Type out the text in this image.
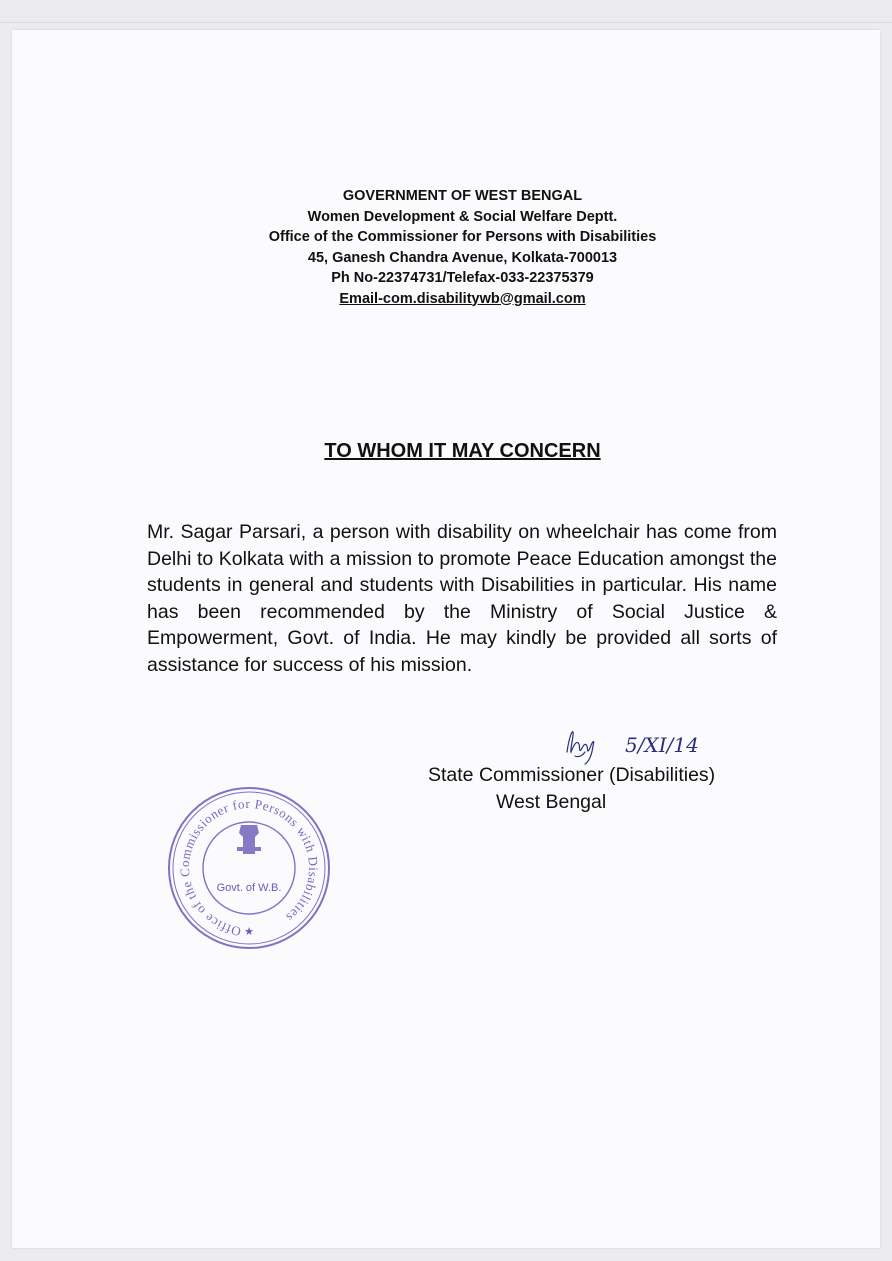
GOVERNMENT OF WEST BENGAL
Women Development & Social Welfare Deptt.
Office of the Commissioner for Persons with Disabilities
45, Ganesh Chandra Avenue, Kolkata-700013
Ph No-22374731/Telefax-033-22375379
Email-com.disabilitywb@gmail.com
TO WHOM IT MAY CONCERN
Mr. Sagar Parsari, a person with disability on wheelchair has come from Delhi to Kolkata with a mission to promote Peace Education amongst the students in general and students with Disabilities in particular. His name has been recommended by the Ministry of Social Justice & Empowerment, Govt. of India. He may kindly be provided all sorts of assistance for success of his mission.
5/XI/14
State Commissioner (Disabilities)
West Bengal
Office of the Commissioner for Persons with Disabilities
Govt. of W.B.
★
